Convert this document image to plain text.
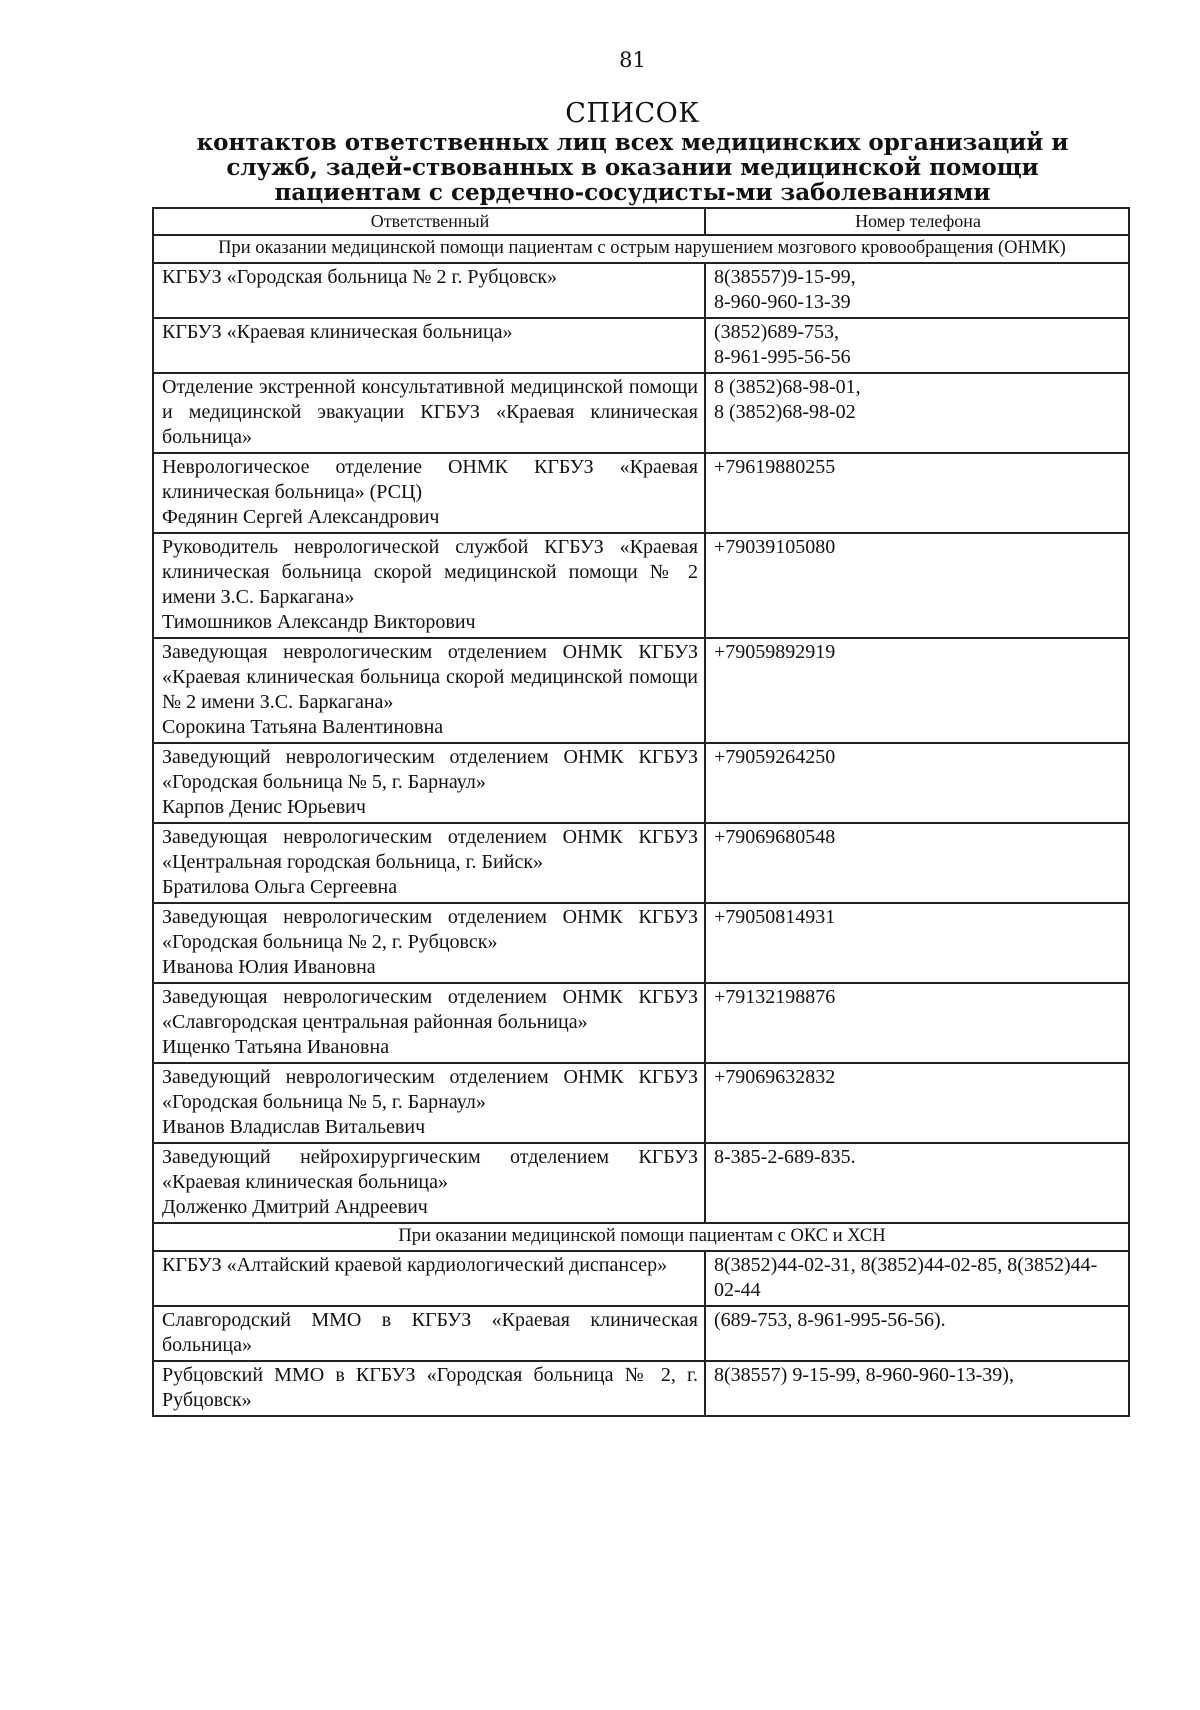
81
СПИСОК
контактов ответственных лиц всех медицинских организаций и служб, задей-ствованных в оказании медицинской помощи пациентам с сердечно-сосудисты-ми заболеваниями
Ответственный	Номер телефона
При оказании медицинской помощи пациентам с острым нарушением мозгового кровообращения (ОНМК)	

КГБУЗ «Городская больница № 2 г. Рубцовск»	8(38557)9-15-99,
8-960-960-13-39

КГБУЗ «Краевая клиническая больница»	(3852)689-753,
8-961-995-56-56

Отделение экстренной консультативной медицинской помощи и медицинской эвакуации КГБУЗ «Краевая клиническая больница»	8 (3852)68-98-01,
8 (3852)68-98-02

Неврологическое отделение ОНМК КГБУЗ «Краевая клиническая больница» (РСЦ)
Федянин Сергей Александрович	+79619880255

Руководитель неврологической службой КГБУЗ «Краевая клиническая больница скорой медицинской помощи № 2 имени З.С. Баркагана»
Тимошников Александр Викторович	+79039105080

Заведующая неврологическим отделением ОНМК КГБУЗ «Краевая клиническая больница скорой медицинской помощи № 2 имени З.С. Баркагана»
Сорокина Татьяна Валентиновна	+79059892919

Заведующий неврологическим отделением ОНМК КГБУЗ «Городская больница № 5, г. Барнаул»
Карпов Денис Юрьевич	+79059264250

Заведующая неврологическим отделением ОНМК КГБУЗ «Центральная городская больница, г. Бийск»
Братилова Ольга Сергеевна	+79069680548

Заведующая неврологическим отделением ОНМК КГБУЗ «Городская больница № 2, г. Рубцовск»
Иванова Юлия Ивановна	+79050814931

Заведующая неврологическим отделением ОНМК КГБУЗ «Славгородская центральная районная больница»
Ищенко Татьяна Ивановна	+79132198876

Заведующий неврологическим отделением ОНМК КГБУЗ «Городская больница № 5, г. Барнаул»
Иванов Владислав Витальевич	+79069632832

Заведующий нейрохирургическим отделением КГБУЗ «Краевая клиническая больница»
Долженко Дмитрий Андреевич	8-385-2-689-835.

При оказании медицинской помощи пациентам с ОКС и ХСН	

КГБУЗ «Алтайский краевой кардиологический диспансер»	8(3852)44-02-31, 8(3852)44-02-85, 8(3852)44-02-44

Славгородский ММО в КГБУЗ «Краевая клиническая больница»	(689-753, 8-961-995-56-56).

Рубцовский ММО в КГБУЗ «Городская больница № 2, г. Рубцовск»	8(38557) 9-15-99, 8-960-960-13-39),
